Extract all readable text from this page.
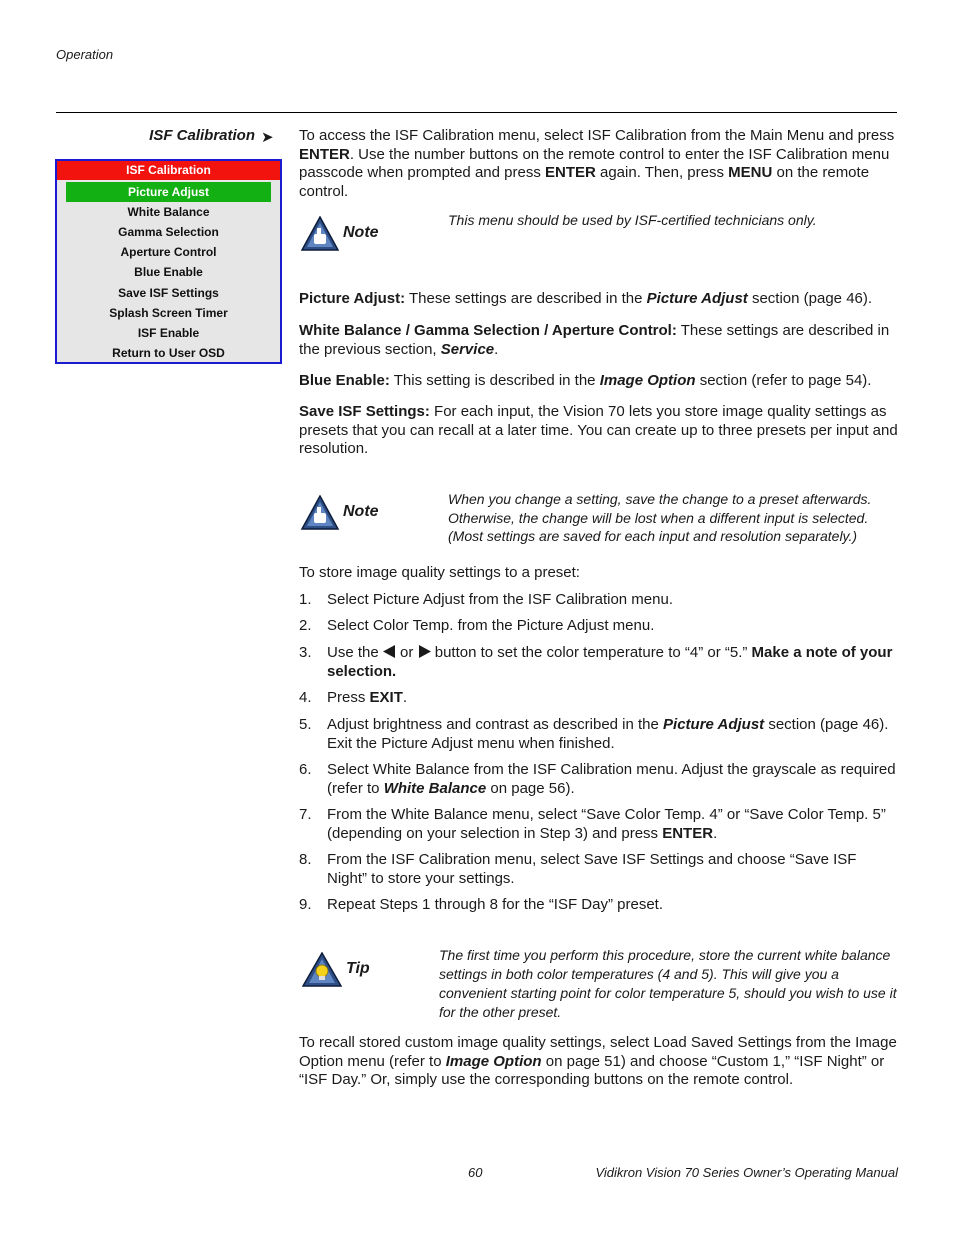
Operation
ISF Calibration ➤
ISF Calibration
Picture Adjust
White Balance
Gamma Selection
Aperture Control
Blue Enable
Save ISF Settings
Splash Screen Timer
ISF Enable
Return to User OSD
To access the ISF Calibration menu, select ISF Calibration from the Main Menu and press
ENTER. Use the number buttons on the remote control to enter the ISF Calibration menu passcode when prompted and press ENTER again. Then, press MENU on the remote control.
Note
This menu should be used by ISF-certified technicians only.
Picture Adjust: These settings are described in the Picture Adjust section (page 46).
White Balance / Gamma Selection / Aperture Control: These settings are described in the previous section, Service.
Blue Enable: This setting is described in the Image Option section (refer to page 54).
Save ISF Settings: For each input, the Vision 70 lets you store image quality settings as presets that you can recall at a later time. You can create up to three presets per input and resolution.
Note
When you change a setting, save the change to a preset afterwards.
Otherwise, the change will be lost when a different input is selected.
(Most settings are saved for each input and resolution separately.)
To store image quality settings to a preset:
1.	Select Picture Adjust from the ISF Calibration menu.
2.	Select Color Temp. from the Picture Adjust menu.
3.	Use the  or  button to set the color temperature to “4” or “5.” Make a note of your selection.
4.	Press EXIT.
5.	Adjust brightness and contrast as described in the Picture Adjust section (page 46). Exit the Picture Adjust menu when finished.
6.	Select White Balance from the ISF Calibration menu. Adjust the grayscale as required (refer to White Balance on page 56).
7.	From the White Balance menu, select “Save Color Temp. 4” or “Save Color Temp. 5” (depending on your selection in Step 3) and press ENTER.
8.	From the ISF Calibration menu, select Save ISF Settings and choose “Save ISF Night” to store your settings.
9.	Repeat Steps 1 through 8 for the “ISF Day” preset.
Tip
The first time you perform this procedure, store the current white balance
settings in both color temperatures (4 and 5). This will give you a
convenient starting point for color temperature 5, should you wish to use it
for the other preset.
To recall stored custom image quality settings, select Load Saved Settings from the Image Option menu (refer to Image Option on page 51) and choose “Custom 1,” “ISF Night” or “ISF Day.” Or, simply use the corresponding buttons on the remote control.
60	Vidikron Vision 70 Series Owner’s Operating Manual
